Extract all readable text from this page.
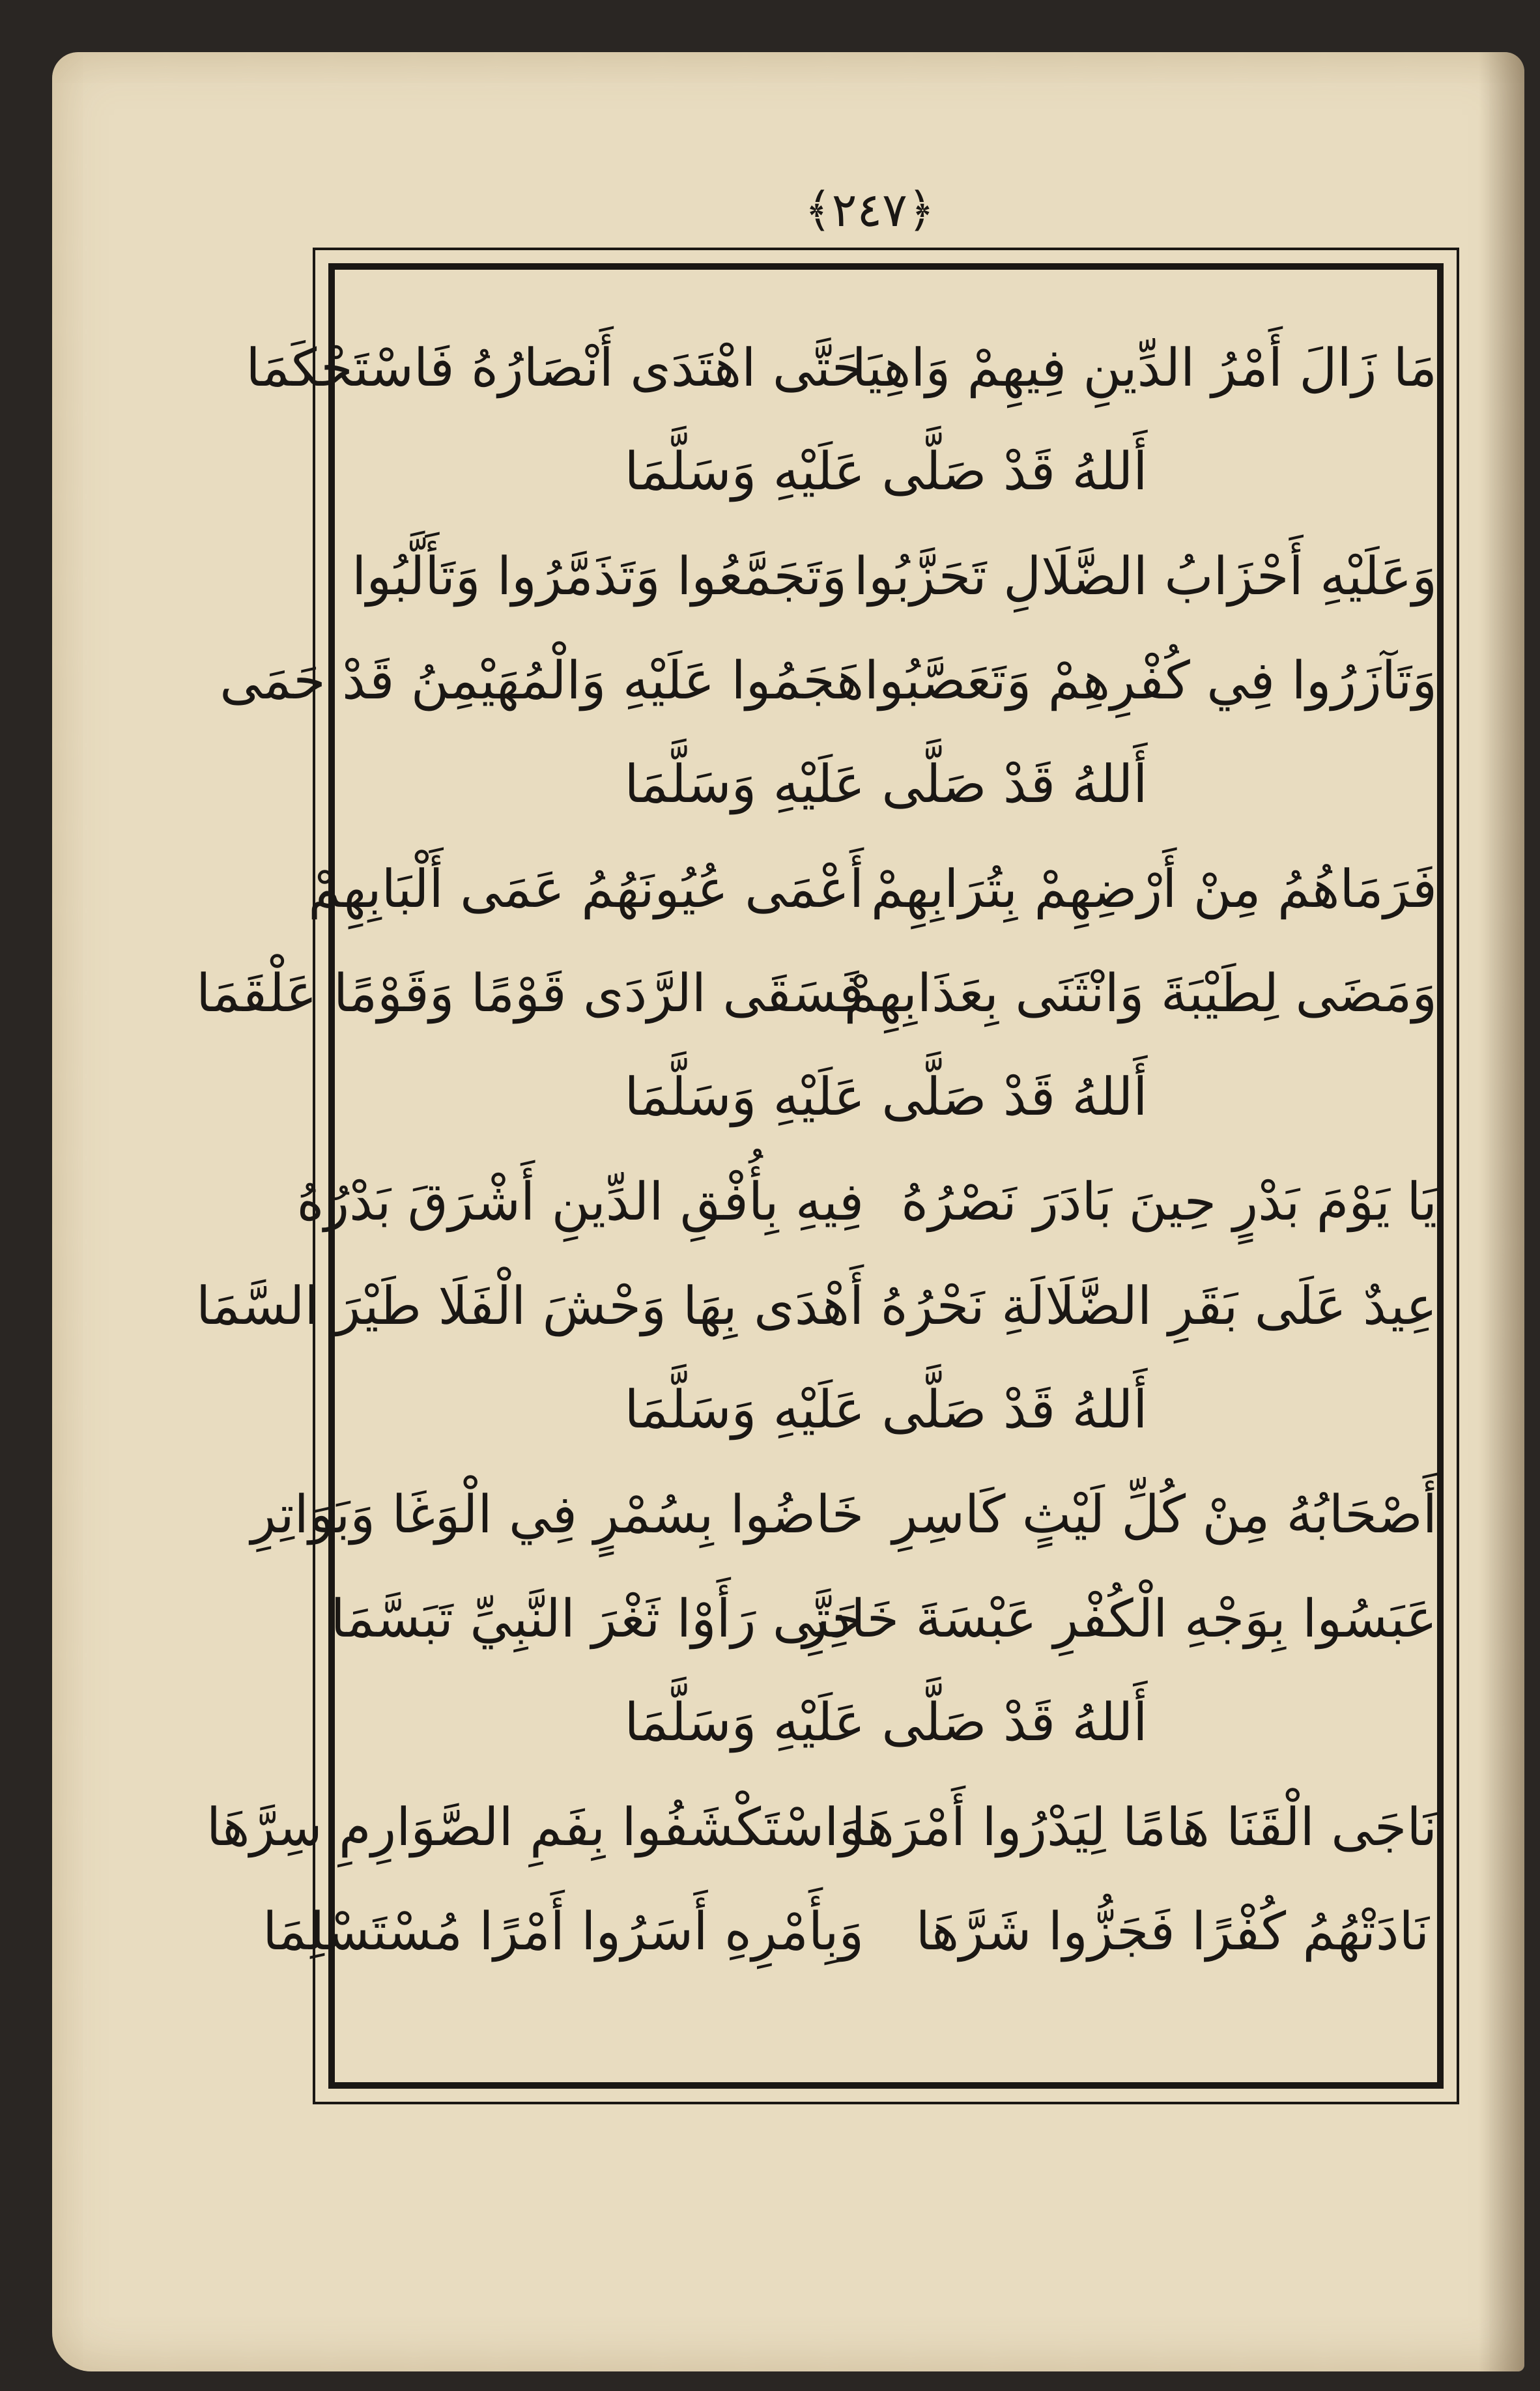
﴿٢٤٧﴾
مَا زَالَ أَمْرُ الدِّينِ فِيهِمْ وَاهِيَا
حَتَّى اهْتَدَى أَنْصَارُهُ فَاسْتَحْكَمَا
أَللهُ قَدْ صَلَّى عَلَيْهِ وَسَلَّمَا
وَعَلَيْهِ أَحْزَابُ الضَّلَالِ تَحَزَّبُوا
وَتَجَمَّعُوا وَتَذَمَّرُوا وَتَأَلَّبُوا
وَتَآزَرُوا فِي كُفْرِهِمْ وَتَعَصَّبُوا
هَجَمُوا عَلَيْهِ وَالْمُهَيْمِنُ قَدْ حَمَى
أَللهُ قَدْ صَلَّى عَلَيْهِ وَسَلَّمَا
فَرَمَاهُمُ مِنْ أَرْضِهِمْ بِتُرَابِهِمْ
أَعْمَى عُيُونَهُمُ عَمَى أَلْبَابِهِمْ
وَمَضَى لِطَيْبَةَ وَانْثَنَى بِعَذَابِهِمْ
فَسَقَى الرَّدَى قَوْمًا وَقَوْمًا عَلْقَمَا
أَللهُ قَدْ صَلَّى عَلَيْهِ وَسَلَّمَا
يَا يَوْمَ بَدْرٍ حِينَ بَادَرَ نَصْرُهُ
فِيهِ بِأُفْقِ الدِّينِ أَشْرَقَ بَدْرُهُ
عِيدٌ عَلَى بَقَرِ الضَّلَالَةِ نَحْرُهُ
أَهْدَى بِهَا وَحْشَ الْفَلَا طَيْرَ السَّمَا
أَللهُ قَدْ صَلَّى عَلَيْهِ وَسَلَّمَا
أَصْحَابُهُ مِنْ كُلِّ لَيْثٍ كَاسِرِ
خَاضُوا بِسُمْرٍ فِي الْوَغَا وَبَوَاتِرِ
عَبَسُوا بِوَجْهِ الْكُفْرِ عَبْسَةَ خَادِرِ
حَتَّى رَأَوْا ثَغْرَ النَّبِيِّ تَبَسَّمَا
أَللهُ قَدْ صَلَّى عَلَيْهِ وَسَلَّمَا
نَاجَى الْقَنَا هَامًا لِيَدْرُوا أَمْرَهَا
وَاسْتَكْشَفُوا بِفَمِ الصَّوَارِمِ سِرَّهَا
نَادَتْهُمُ كُفْرًا فَجَزُّوا شَرَّهَا
وَبِأَمْرِهِ أَسَرُوا أَمْرًا مُسْتَسْلِمَا
